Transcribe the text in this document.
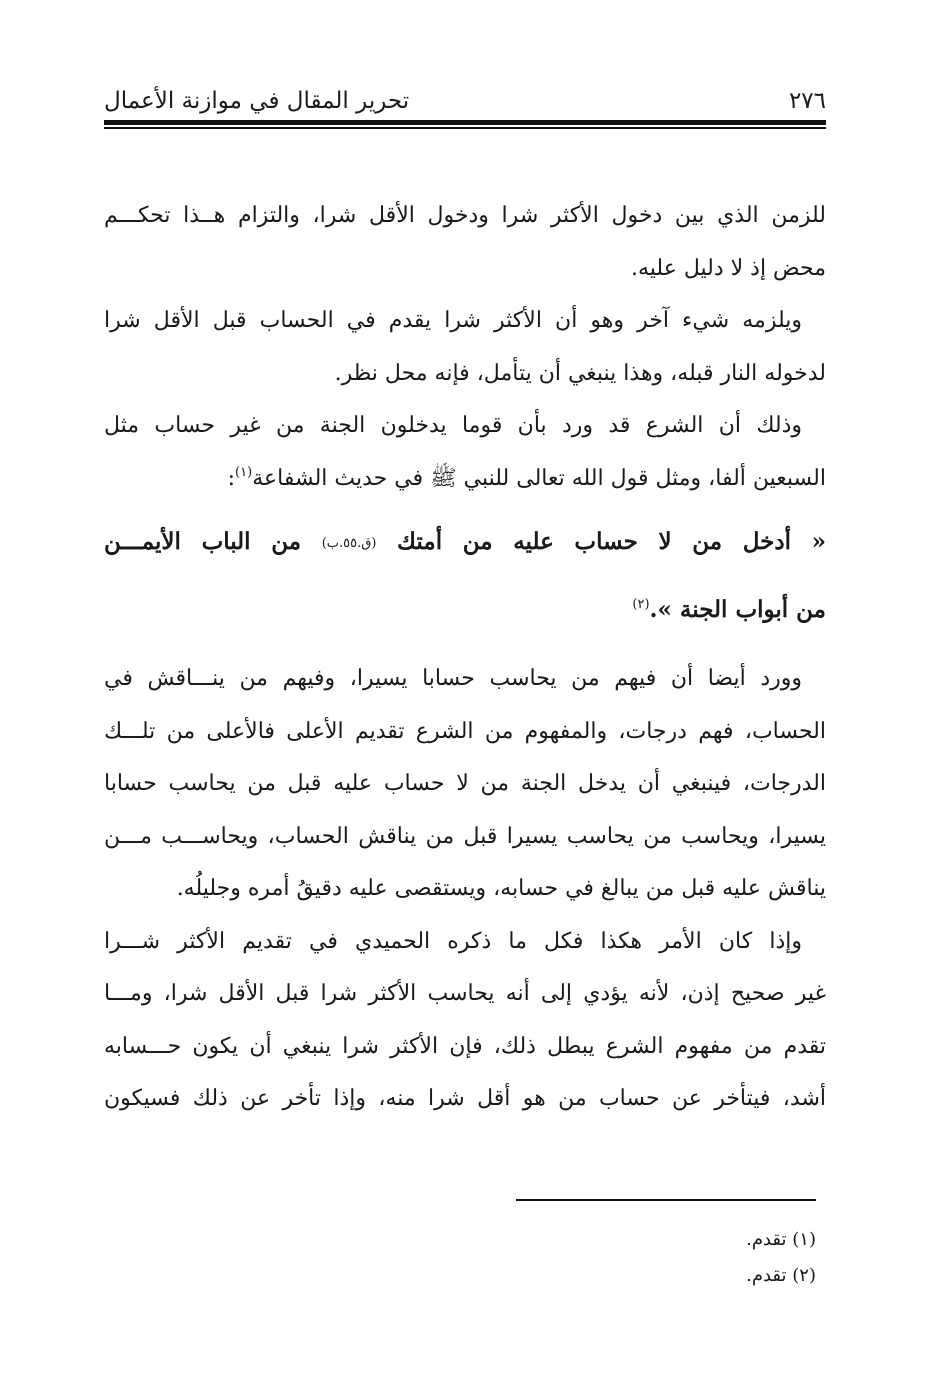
٢٧٦
تحرير المقال في موازنة الأعمال
للزمن الذي بين دخول الأكثر شرا ودخول الأقل شرا، والتزام هــذا تحكـــم
محض إذ لا دليل عليه.
ويلزمه شيء آخر وهو أن الأكثر شرا يقدم في الحساب قبل الأقل شرا
لدخوله النار قبله، وهذا ينبغي أن يتأمل، فإنه محل نظر.
وذلك أن الشرع قد ورد بأن قوما يدخلون الجنة من غير حساب مثل
السبعين ألفا، ومثل قول الله تعالى للنبي ﷺ في حديث الشفاعة$^{(١)}$:
« أدخل من لا حساب عليه من أمتك (ق.٥٥.ب) من الباب الأيمـــن
من أبواب الجنة ».$^{(٢)}$
وورد أيضا أن فيهم من يحاسب حسابا يسيرا، وفيهم من ينـــاقش في
الحساب، فهم درجات، والمفهوم من الشرع تقديم الأعلى فالأعلى من تلـــك
الدرجات، فينبغي أن يدخل الجنة من لا حساب عليه قبل من يحاسب حسابا
يسيرا، ويحاسب من يحاسب يسيرا قبل من يناقش الحساب، ويحاســـب مـــن
يناقش عليه قبل من يبالغ في حسابه، ويستقصى عليه دقيقُ أمره وجليلُه.
وإذا كان الأمر هكذا فكل ما ذكره الحميدي في تقديم الأكثر شـــرا
غير صحيح إذن، لأنه يؤدي إلى أنه يحاسب الأكثر شرا قبل الأقل شرا، ومـــا
تقدم من مفهوم الشرع يبطل ذلك، فإن الأكثر شرا ينبغي أن يكون حـــسابه
أشد، فيتأخر عن حساب من هو أقل شرا منه، وإذا تأخر عن ذلك فسيكون
(١) تقدم.
(٢) تقدم.
